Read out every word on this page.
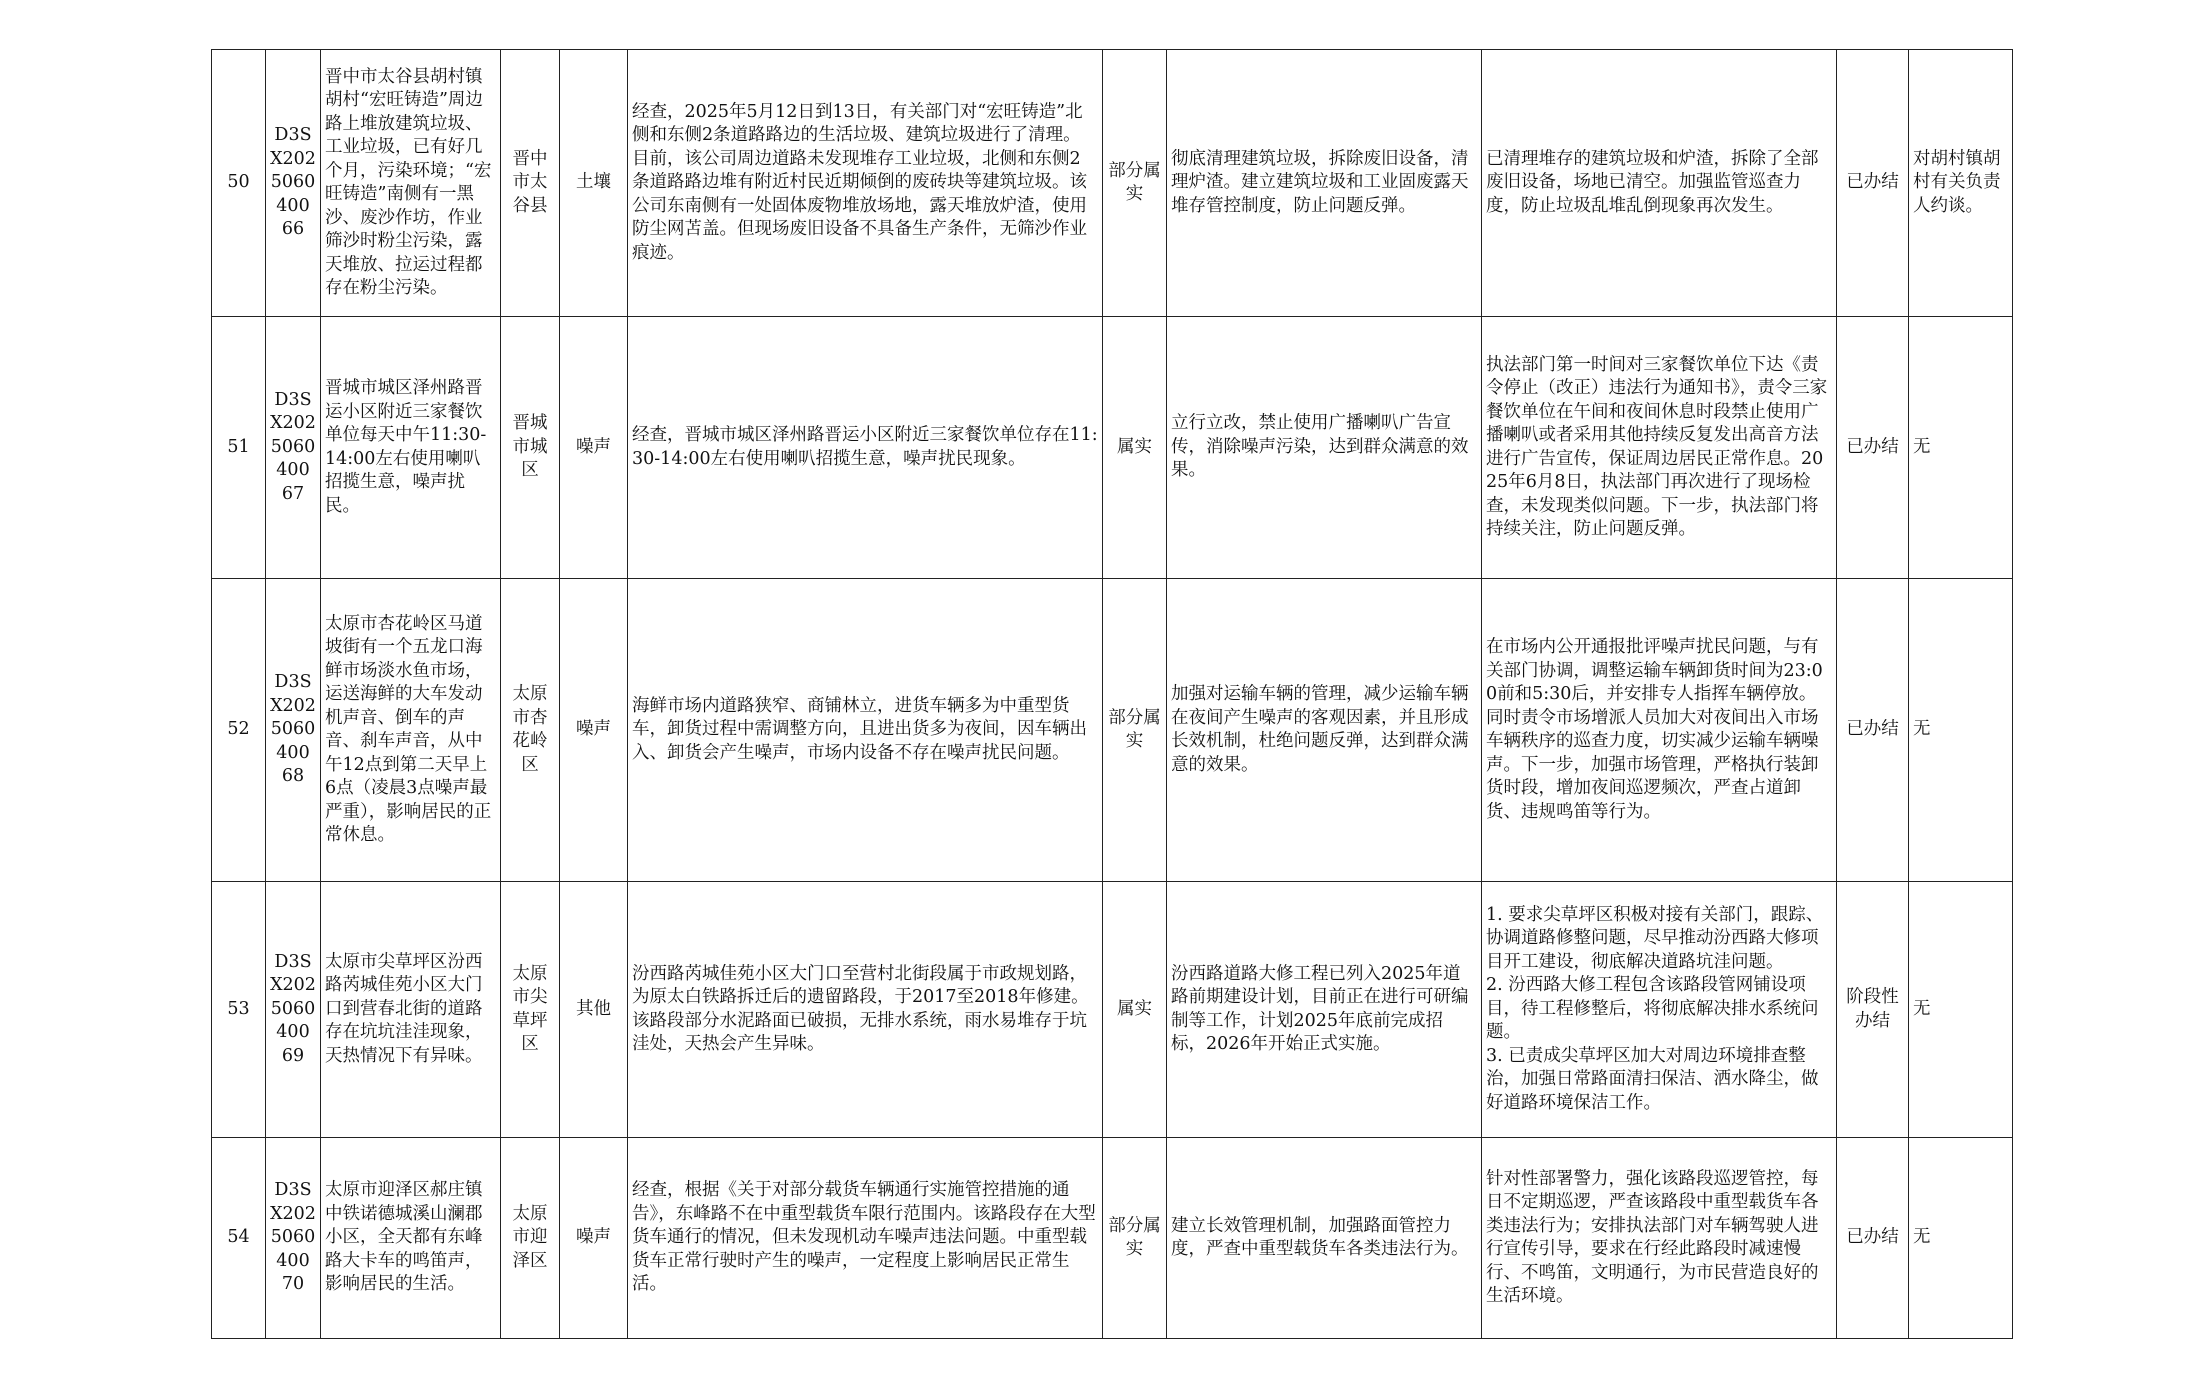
50	D3SX2025060400 66	晋中市太谷县胡村镇胡村“宏旺铸造”周边路上堆放建筑垃圾、工业垃圾，已有好几个月，污染环境；“宏旺铸造”南侧有一黑沙、废沙作坊，作业筛沙时粉尘污染，露天堆放、拉运过程都存在粉尘污染。	晋中市太谷县	土壤	经查，2025年5月12日到13日，有关部门对“宏旺铸造”北侧和东侧2条道路路边的生活垃圾、建筑垃圾进行了清理。目前，该公司周边道路未发现堆存工业垃圾，北侧和东侧2条道路路边堆有附近村民近期倾倒的废砖块等建筑垃圾。该公司东南侧有一处固体废物堆放场地，露天堆放炉渣，使用防尘网苫盖。但现场废旧设备不具备生产条件，无筛沙作业痕迹。	部分属实	彻底清理建筑垃圾，拆除废旧设备，清理炉渣。建立建筑垃圾和工业固废露天堆存管控制度，防止问题反弹。	已清理堆存的建筑垃圾和炉渣，拆除了全部废旧设备，场地已清空。加强监管巡查力度，防止垃圾乱堆乱倒现象再次发生。	已办结	对胡村镇胡村有关负责人约谈。
51	D3SX2025060400 67	晋城市城区泽州路晋运小区附近三家餐饮单位每天中午11:30-14:00左右使用喇叭招揽生意，噪声扰民。	晋城市城区	噪声	经查，晋城市城区泽州路晋运小区附近三家餐饮单位存在11:30-14:00左右使用喇叭招揽生意，噪声扰民现象。	属实	立行立改，禁止使用广播喇叭广告宣传，消除噪声污染，达到群众满意的效果。	执法部门第一时间对三家餐饮单位下达《责令停止（改正）违法行为通知书》，责令三家餐饮单位在午间和夜间休息时段禁止使用广播喇叭或者采用其他持续反复发出高音方法进行广告宣传，保证周边居民正常作息。2025年6月8日，执法部门再次进行了现场检查，未发现类似问题。下一步，执法部门将持续关注，防止问题反弹。	已办结	无
52	D3SX2025060400 68	太原市杏花岭区马道坡街有一个五龙口海鲜市场淡水鱼市场，运送海鲜的大车发动机声音、倒车的声音、刹车声音，从中午12点到第二天早上6点（凌晨3点噪声最严重），影响居民的正常休息。	太原市杏花岭区	噪声	海鲜市场内道路狭窄、商铺林立，进货车辆多为中重型货车，卸货过程中需调整方向，且进出货多为夜间，因车辆出入、卸货会产生噪声，市场内设备不存在噪声扰民问题。	部分属实	加强对运输车辆的管理，减少运输车辆在夜间产生噪声的客观因素，并且形成长效机制，杜绝问题反弹，达到群众满意的效果。	在市场内公开通报批评噪声扰民问题，与有关部门协调，调整运输车辆卸货时间为23:00前和5:30后，并安排专人指挥车辆停放。同时责令市场增派人员加大对夜间出入市场车辆秩序的巡查力度，切实减少运输车辆噪声。下一步，加强市场管理，严格执行装卸货时段，增加夜间巡逻频次，严查占道卸货、违规鸣笛等行为。	已办结	无
53	D3SX2025060400 69	太原市尖草坪区汾西路芮城佳苑小区大门口到营春北街的道路存在坑坑洼洼现象，天热情况下有异味。	太原市尖草坪区	其他	汾西路芮城佳苑小区大门口至营村北街段属于市政规划路，为原太白铁路拆迁后的遗留路段，于2017至2018年修建。该路段部分水泥路面已破损，无排水系统，雨水易堆存于坑洼处，天热会产生异味。	属实	汾西路道路大修工程已列入2025年道路前期建设计划，目前正在进行可研编制等工作，计划2025年底前完成招标，2026年开始正式实施。	1. 要求尖草坪区积极对接有关部门，跟踪、协调道路修整问题，尽早推动汾西路大修项目开工建设，彻底解决道路坑洼问题。
2. 汾西路大修工程包含该路段管网铺设项目，待工程修整后，将彻底解决排水系统问题。
3. 已责成尖草坪区加大对周边环境排查整治，加强日常路面清扫保洁、洒水降尘，做好道路环境保洁工作。	阶段性办结	无
54	D3SX2025060400 70	太原市迎泽区郝庄镇中铁诺德城溪山澜郡小区，全天都有东峰路大卡车的鸣笛声，影响居民的生活。	太原市迎泽区	噪声	经查，根据《关于对部分载货车辆通行实施管控措施的通告》，东峰路不在中重型载货车限行范围内。该路段存在大型货车通行的情况，但未发现机动车噪声违法问题。中重型载货车正常行驶时产生的噪声，一定程度上影响居民正常生活。	部分属实	建立长效管理机制，加强路面管控力度，严查中重型载货车各类违法行为。	针对性部署警力，强化该路段巡逻管控，每日不定期巡逻，严查该路段中重型载货车各类违法行为；安排执法部门对车辆驾驶人进行宣传引导，要求在行经此路段时减速慢行、不鸣笛，文明通行，为市民营造良好的生活环境。	已办结	无
